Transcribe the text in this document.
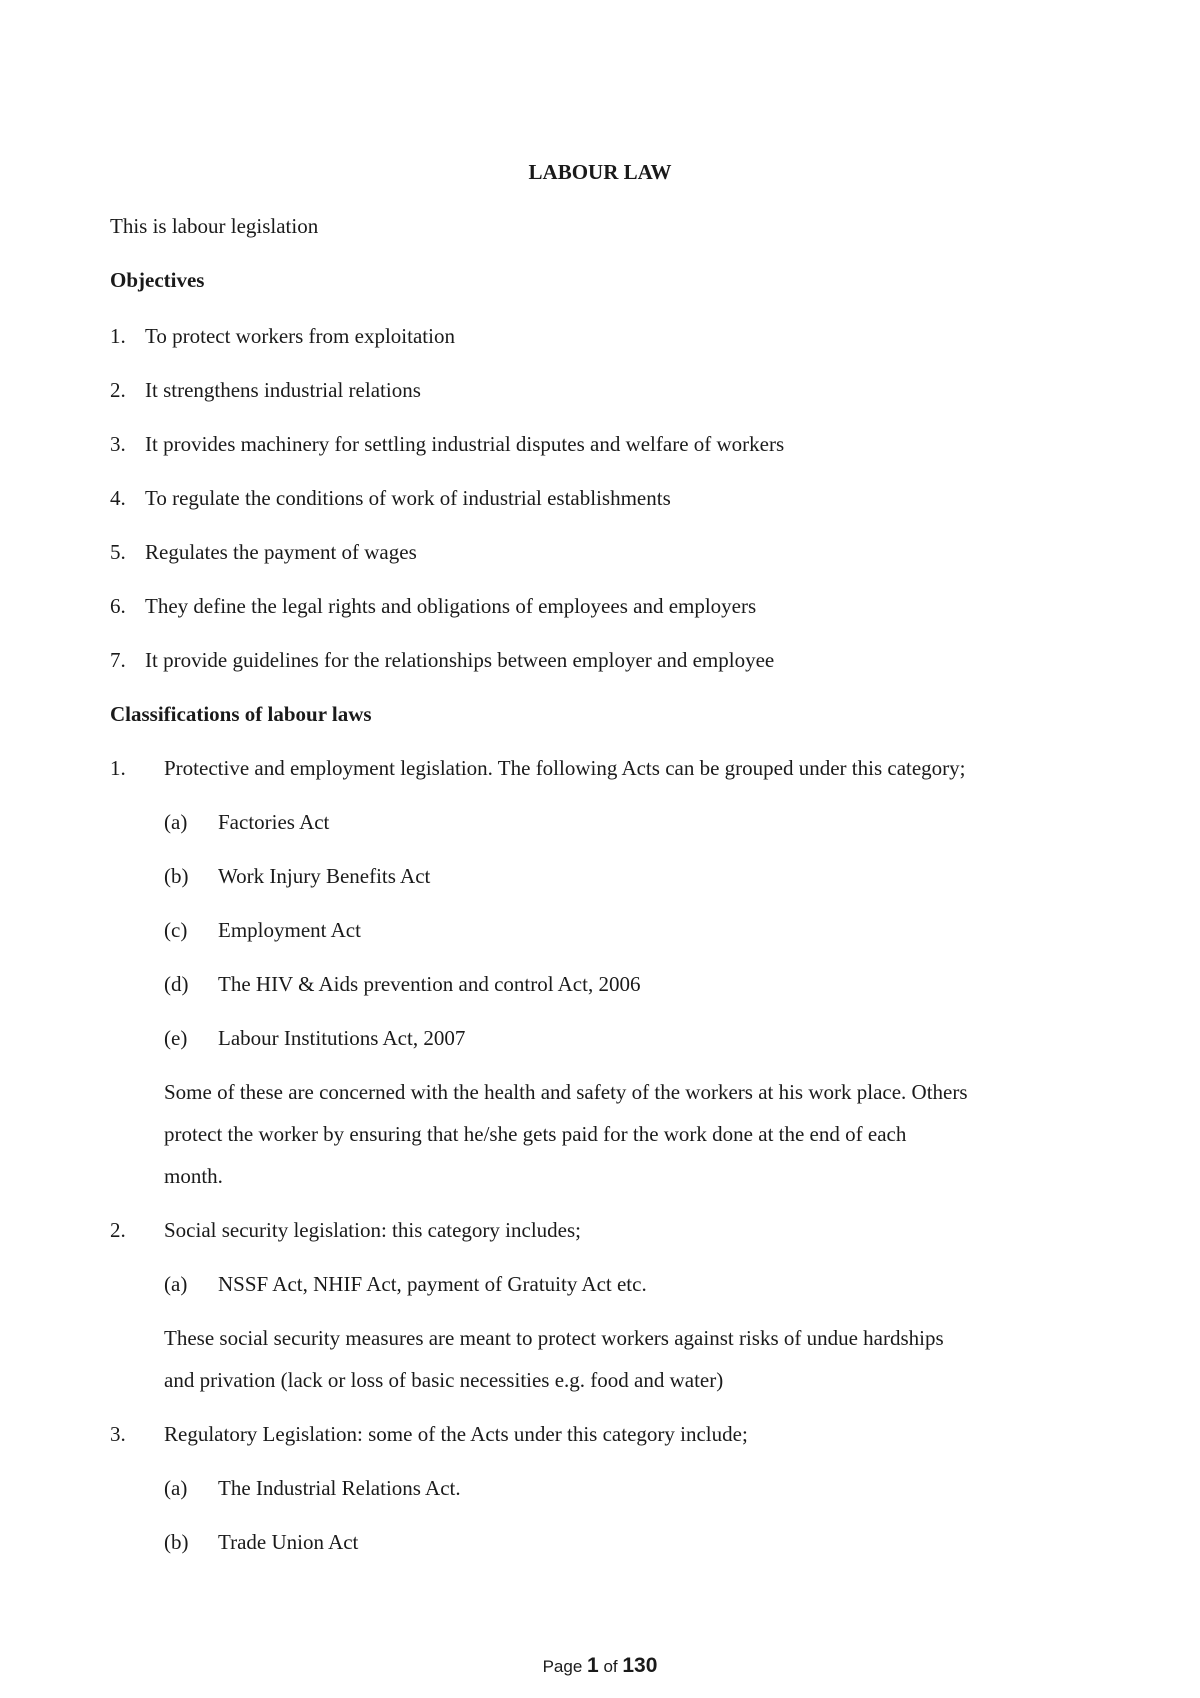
LABOUR LAW
This is labour legislation
Objectives
1. To protect workers from exploitation
2. It strengthens industrial relations
3. It provides machinery for settling industrial disputes and welfare of workers
4. To regulate the conditions of work of industrial establishments
5. Regulates the payment of wages
6. They define the legal rights and obligations of employees and employers
7. It provide guidelines for the relationships between employer and employee
Classifications of labour laws
1. Protective and employment legislation. The following Acts can be grouped under this category;
(a) Factories Act
(b) Work Injury Benefits Act
(c) Employment Act
(d) The HIV & Aids prevention and control Act, 2006
(e) Labour Institutions Act, 2007
Some of these are concerned with the health and safety of the workers at his work place. Others
protect the worker by ensuring that he/she gets paid for the work done at the end of each
month.
2. Social security legislation: this category includes;
(a) NSSF Act, NHIF Act, payment of Gratuity Act etc.
These social security measures are meant to protect workers against risks of undue hardships
and privation (lack or loss of basic necessities e.g. food and water)
3. Regulatory Legislation: some of the Acts under this category include;
(a) The Industrial Relations Act.
(b) Trade Union Act
Page 1 of 130
